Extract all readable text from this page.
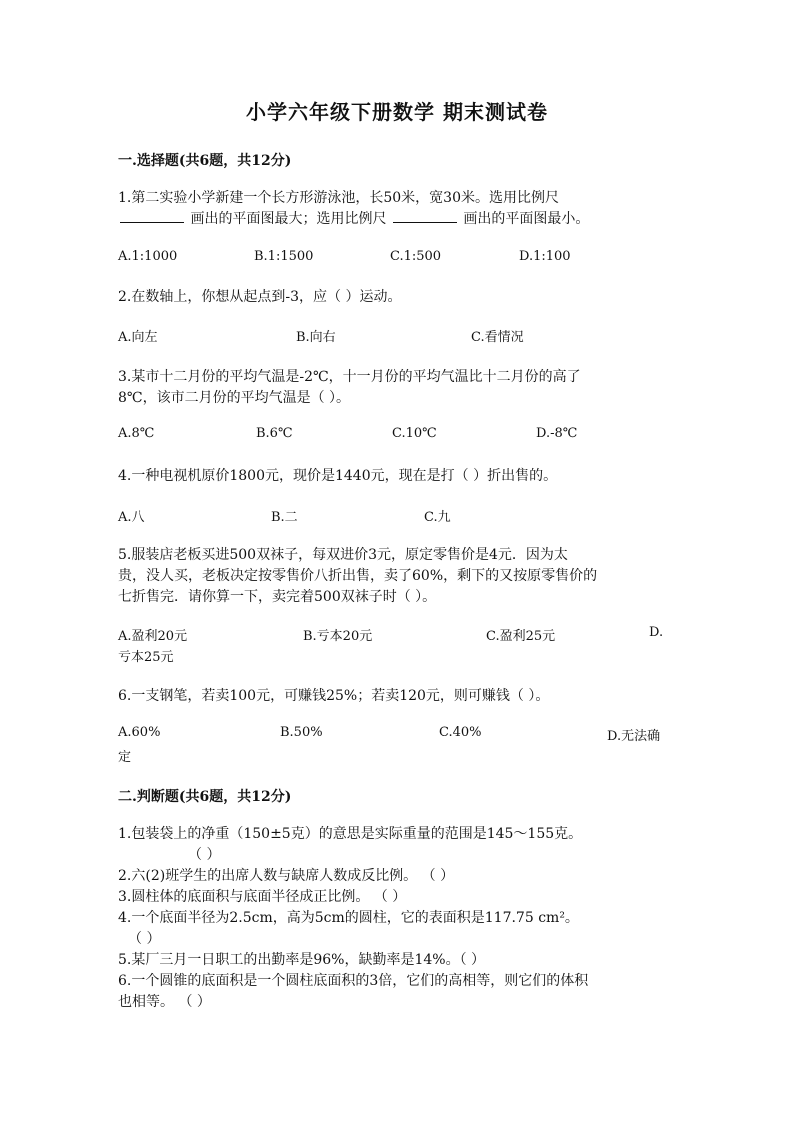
小学六年级下册数学 期末测试卷
一.选择题(共6题，共12分)
1.第二实验小学新建一个长方形游泳池，长50米，宽30米。选用比例尺
画出的平面图最大；选用比例尺	画出的平面图最小。
A.1:1000	B.1:1500	C.1:500	D.1:100
2.在数轴上，你想从起点到-3，应（ ）运动。
A.向左	B.向右	C.看情况
3.某市十二月份的平均气温是-2℃，十一月份的平均气温比十二月份的高了
8℃，该市二月份的平均气温是（ ）。
A.8℃	B.6℃	C.10℃	D.-8℃
4.一种电视机原价1800元，现价是1440元，现在是打（ ）折出售的。
A.八	B.二	C.九
5.服装店老板买进500双袜子，每双进价3元，原定零售价是4元．因为太
贵，没人买，老板决定按零售价八折出售，卖了60%，剩下的又按原零售价的
七折售完．请你算一下，卖完着500双袜子时（ ）。
A.盈利20元	B.亏本20元	C.盈利25元	D.
亏本25元
6.一支钢笔，若卖100元，可赚钱25%；若卖120元，则可赚钱（ ）。
A.60%	B.50%	C.40%	D.无法确
定
二.判断题(共6题，共12分)
1.包装袋上的净重（150±5克）的意思是实际重量的范围是145～155克。
（ ）
2.六(2)班学生的出席人数与缺席人数成反比例。 （ ）
3.圆柱体的底面积与底面半径成正比例。 （ ）
4.一个底面半径为2.5cm，高为5cm的圆柱，它的表面积是117.75 cm²。
（ ）
5.某厂三月一日职工的出勤率是96%，缺勤率是14%。（ ）
6.一个圆锥的底面积是一个圆柱底面积的3倍，它们的高相等，则它们的体积
也相等。 （ ）
